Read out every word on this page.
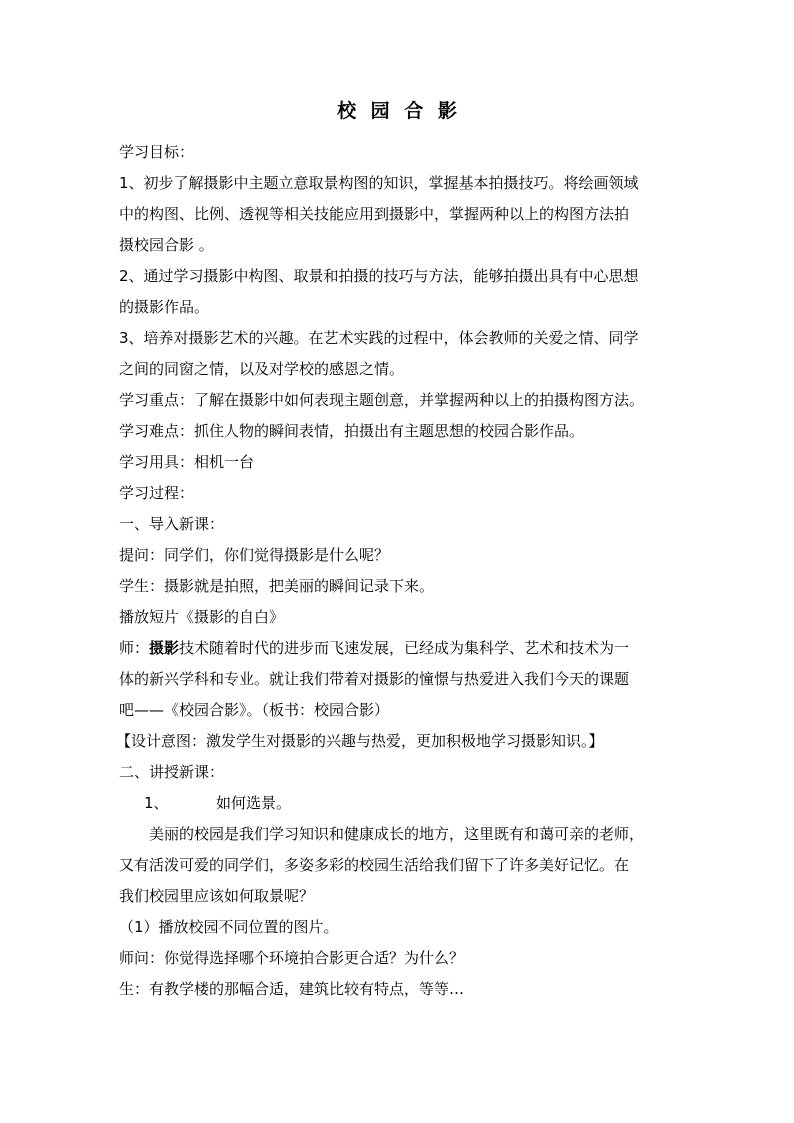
校 园 合 影

学习目标：

1、初步了解摄影中主题立意取景构图的知识，掌握基本拍摄技巧。将绘画领域

中的构图、比例、透视等相关技能应用到摄影中，掌握两种以上的构图方法拍

摄校园合影 。

2、通过学习摄影中构图、取景和拍摄的技巧与方法，能够拍摄出具有中心思想

的摄影作品。

3、培养对摄影艺术的兴趣。在艺术实践的过程中，体会教师的关爱之情、同学

之间的同窗之情，以及对学校的感恩之情。

学习重点：了解在摄影中如何表现主题创意，并掌握两种以上的拍摄构图方法。

学习难点：抓住人物的瞬间表情，拍摄出有主题思想的校园合影作品。

学习用具：相机一台

学习过程：

一、导入新课：

提问：同学们，你们觉得摄影是什么呢？

学生：摄影就是拍照，把美丽的瞬间记录下来。

播放短片《摄影的自白》

师：摄影技术随着时代的进步而飞速发展，已经成为集科学、艺术和技术为一

体的新兴学科和专业。就让我们带着对摄影的憧憬与热爱进入我们今天的课题

吧——《校园合影》。（板书：校园合影）

【设计意图：激发学生对摄影的兴趣与热爱，更加积极地学习摄影知识。】

二、讲授新课：

1、	如何选景。

美丽的校园是我们学习知识和健康成长的地方，这里既有和蔼可亲的老师，

又有活泼可爱的同学们，多姿多彩的校园生活给我们留下了许多美好记忆。在

我们校园里应该如何取景呢？

（1）播放校园不同位置的图片。

师问：你觉得选择哪个环境拍合影更合适？为什么？

生：有教学楼的那幅合适，建筑比较有特点，等等…
